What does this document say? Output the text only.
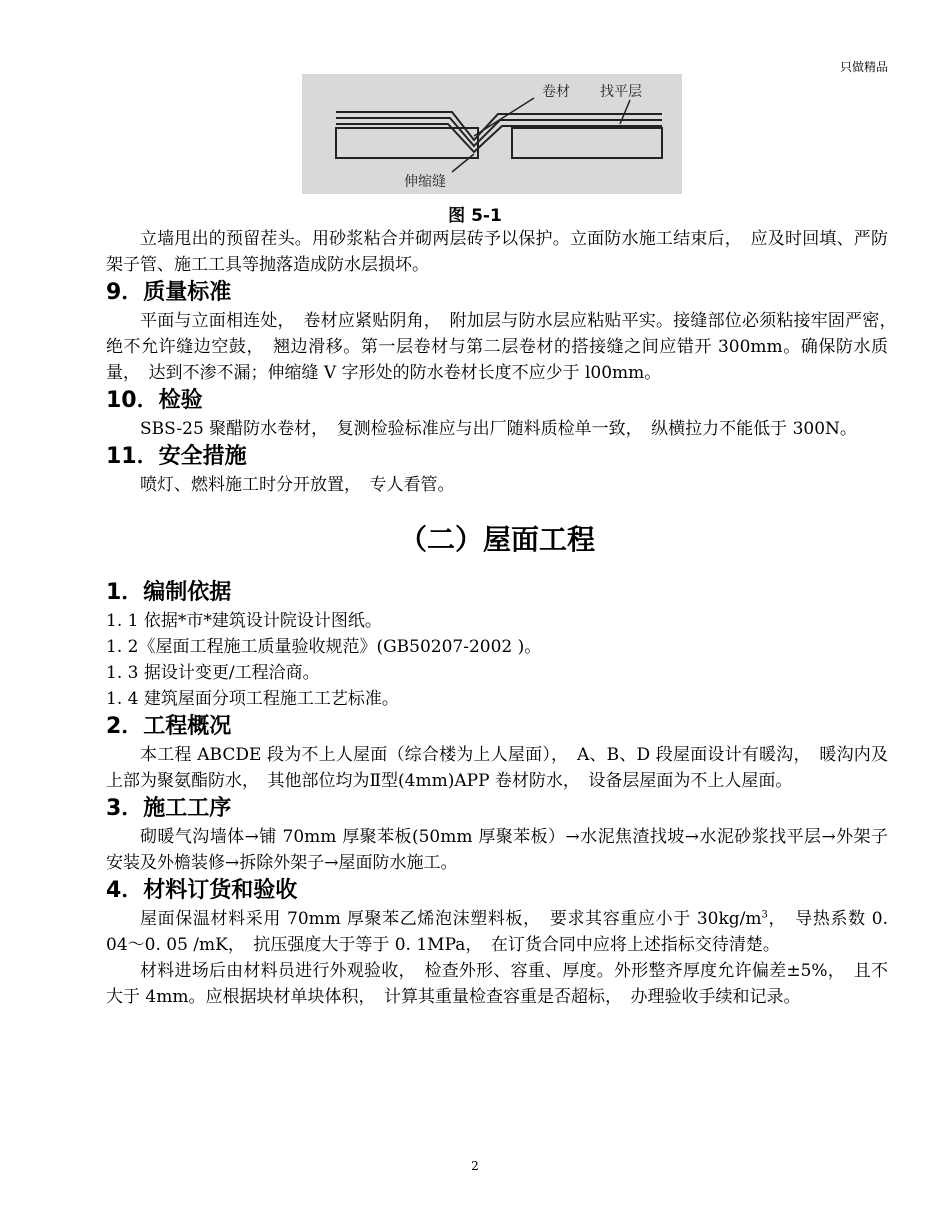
只做精品
卷材 找平层
伸缩缝
图 5-1

立墙甩出的预留茬头。用砂浆粘合并砌两层砖予以保护。立面防水施工结束后，　应及时回填、严防架子管、施工工具等抛落造成防水层损坏。

9．质量标准

平面与立面相连处，　卷材应紧贴阴角，　附加层与防水层应粘贴平实。接缝部位必须粘接牢固严密，　绝不允许缝边空鼓，　翘边滑移。第一层卷材与第二层卷材的搭接缝之间应错开 300mm。确保防水质量，　达到不渗不漏；伸缩缝 V 字形处的防水卷材长度不应少于 l00mm。

10．检验

SBS-25 聚醋防水卷材，　复测检验标准应与出厂随料质检单一致，　纵横拉力不能低于 300N。

11．安全措施

喷灯、燃料施工时分开放置，　专人看管。

（二）屋面工程
1．编制依据

1. 1 依据*市*建筑设计院设计图纸。

1. 2《屋面工程施工质量验收规范》(GB50207-2002 )。

1. 3 据设计变更/工程洽商。

1. 4 建筑屋面分项工程施工工艺标准。

2．工程概况

本工程 ABCDE 段为不上人屋面（综合楼为上人屋面），　A、B、D 段屋面设计有暖沟，　暖沟内及上部为聚氨酯防水，　其他部位均为Ⅱ型(4mm)APP 卷材防水，　设备层屋面为不上人屋面。

3．施工工序

砌暖气沟墙体→铺 70mm 厚聚苯板(50mm 厚聚苯板）→水泥焦渣找坡→水泥砂浆找平层→外架子安装及外檐装修→拆除外架子→屋面防水施工。

4．材料订货和验收

屋面保温材料采用 70mm 厚聚苯乙烯泡沫塑料板，　要求其容重应小于 $30kg/m^3$，　导热系数 0. 04～0. 05 /mK，　抗压强度大于等于 0. 1MPa，　在订货合同中应将上述指标交待清楚。

材料进场后由材料员进行外观验收，　检查外形、容重、厚度。外形整齐厚度允许偏差±5%，　且不大于 4mm。应根据块材单块体积，　计算其重量检查容重是否超标，　办理验收手续和记录。

2
